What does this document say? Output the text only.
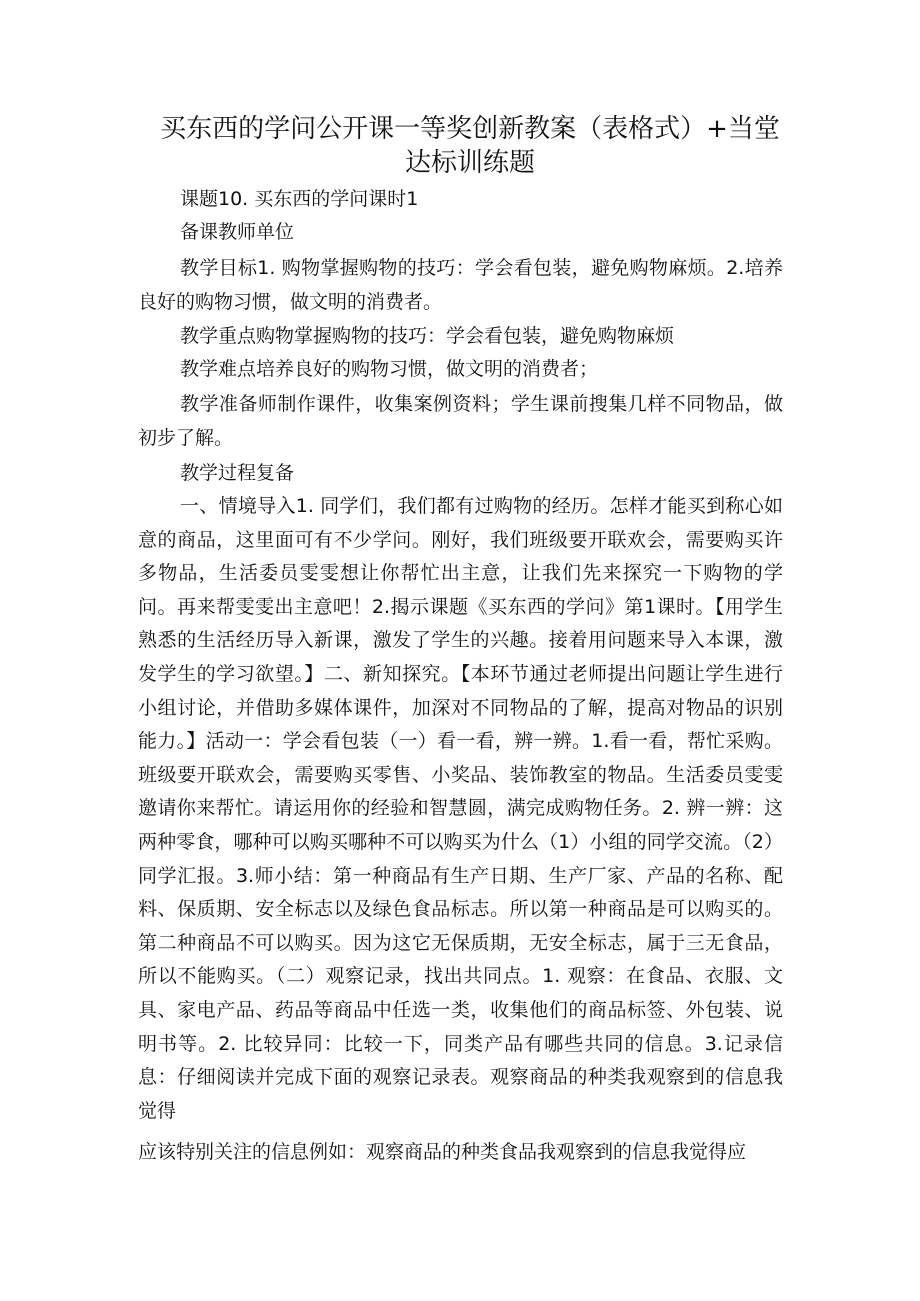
买东西的学问公开课一等奖创新教案（表格式）+当堂达标训练题
课题10. 买东西的学问课时1
备课教师单位

教学目标1. 购物掌握购物的技巧：学会看包装，避免购物麻烦。2.培养良好的购物习惯，做文明的消费者。

教学重点购物掌握购物的技巧：学会看包装，避免购物麻烦
教学难点培养良好的购物习惯，做文明的消费者；

教学准备师制作课件，收集案例资料；学生课前搜集几样不同物品，做初步了解。

教学过程复备

一、情境导入1. 同学们，我们都有过购物的经历。怎样才能买到称心如意的商品，这里面可有不少学问。刚好，我们班级要开联欢会，需要购买许多物品，生活委员雯雯想让你帮忙出主意，让我们先来探究一下购物的学问。再来帮雯雯出主意吧！2.揭示课题《买东西的学问》第1课时。【用学生熟悉的生活经历导入新课，激发了学生的兴趣。接着用问题来导入本课，激发学生的学习欲望。】二、新知探究。【本环节通过老师提出问题让学生进行小组讨论，并借助多媒体课件，加深对不同物品的了解，提高对物品的识别能力。】活动一：学会看包装（一）看一看，辨一辨。1.看一看，帮忙采购。班级要开联欢会，需要购买零售、小奖品、装饰教室的物品。生活委员雯雯邀请你来帮忙。请运用你的经验和智慧圆，满完成购物任务。2. 辨一辨：这两种零食，哪种可以购买哪种不可以购买为什么（1）小组的同学交流。（2）同学汇报。3.师小结：第一种商品有生产日期、生产厂家、产品的名称、配料、保质期、安全标志以及绿色食品标志。所以第一种商品是可以购买的。第二种商品不可以购买。因为这它无保质期，无安全标志，属于三无食品，所以不能购买。（二）观察记录，找出共同点。1. 观察：在食品、衣服、文具、家电产品、药品等商品中任选一类，收集他们的商品标签、外包装、说明书等。2. 比较异同：比较一下，同类产品有哪些共同的信息。3.记录信息：仔细阅读并完成下面的观察记录表。观察商品的种类我观察到的信息我觉得

应该特别关注的信息例如：观察商品的种类食品我观察到的信息我觉得应
